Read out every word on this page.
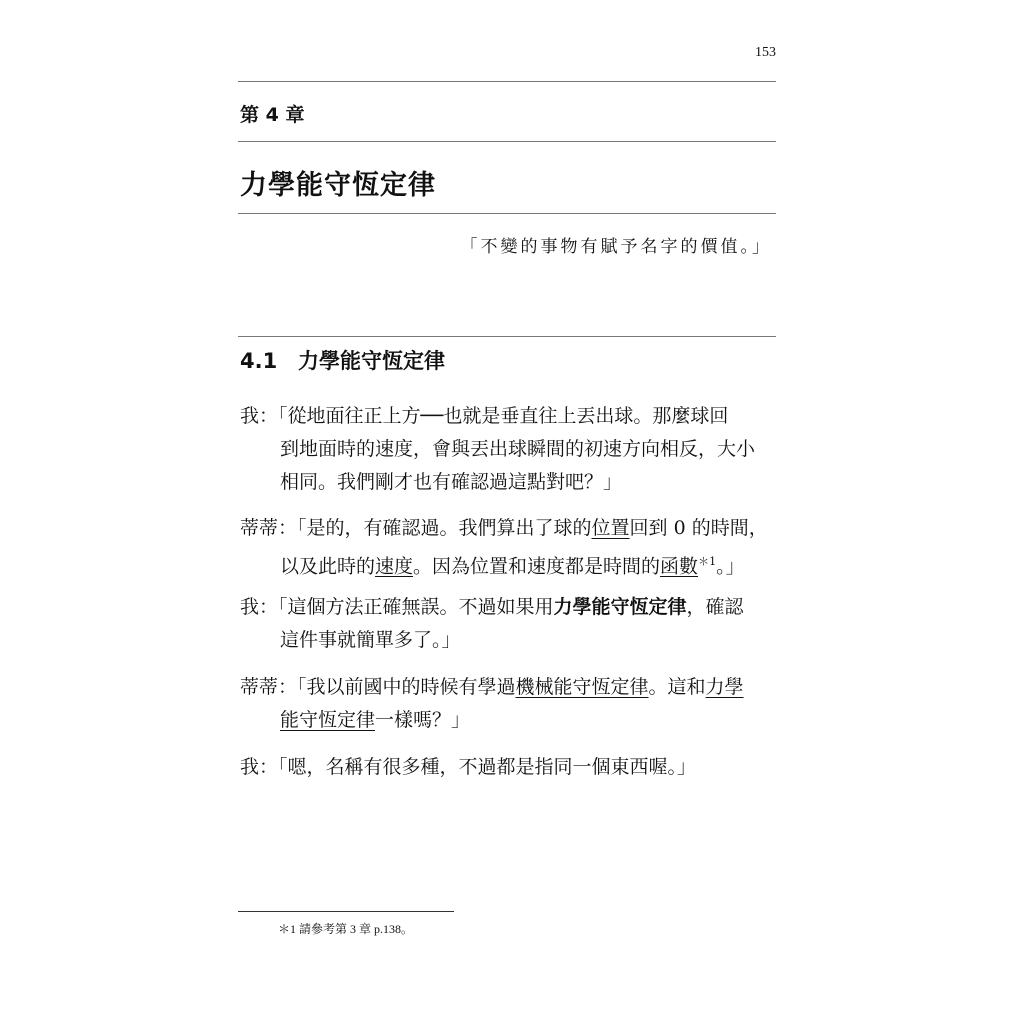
153
第 4 章
力學能守恆定律
「不變的事物有賦予名字的價值。」
4.1 力學能守恆定律
我：「從地面往正上方──也就是垂直往上丟出球。那麼球回
到地面時的速度，會與丟出球瞬間的初速方向相反，大小
相同。我們剛才也有確認過這點對吧？」
蒂蒂：「是的，有確認過。我們算出了球的位置回到 0 的時間，
以及此時的速度。因為位置和速度都是時間的函數$^{*1}$。」
我：「這個方法正確無誤。不過如果用力學能守恆定律，確認
這件事就簡單多了。」
蒂蒂：「我以前國中的時候有學過機械能守恆定律。這和力學
能守恆定律一樣嗎？」
我：「嗯，名稱有很多種，不過都是指同一個東西喔。」
＊1 請參考第 3 章 p.138。
